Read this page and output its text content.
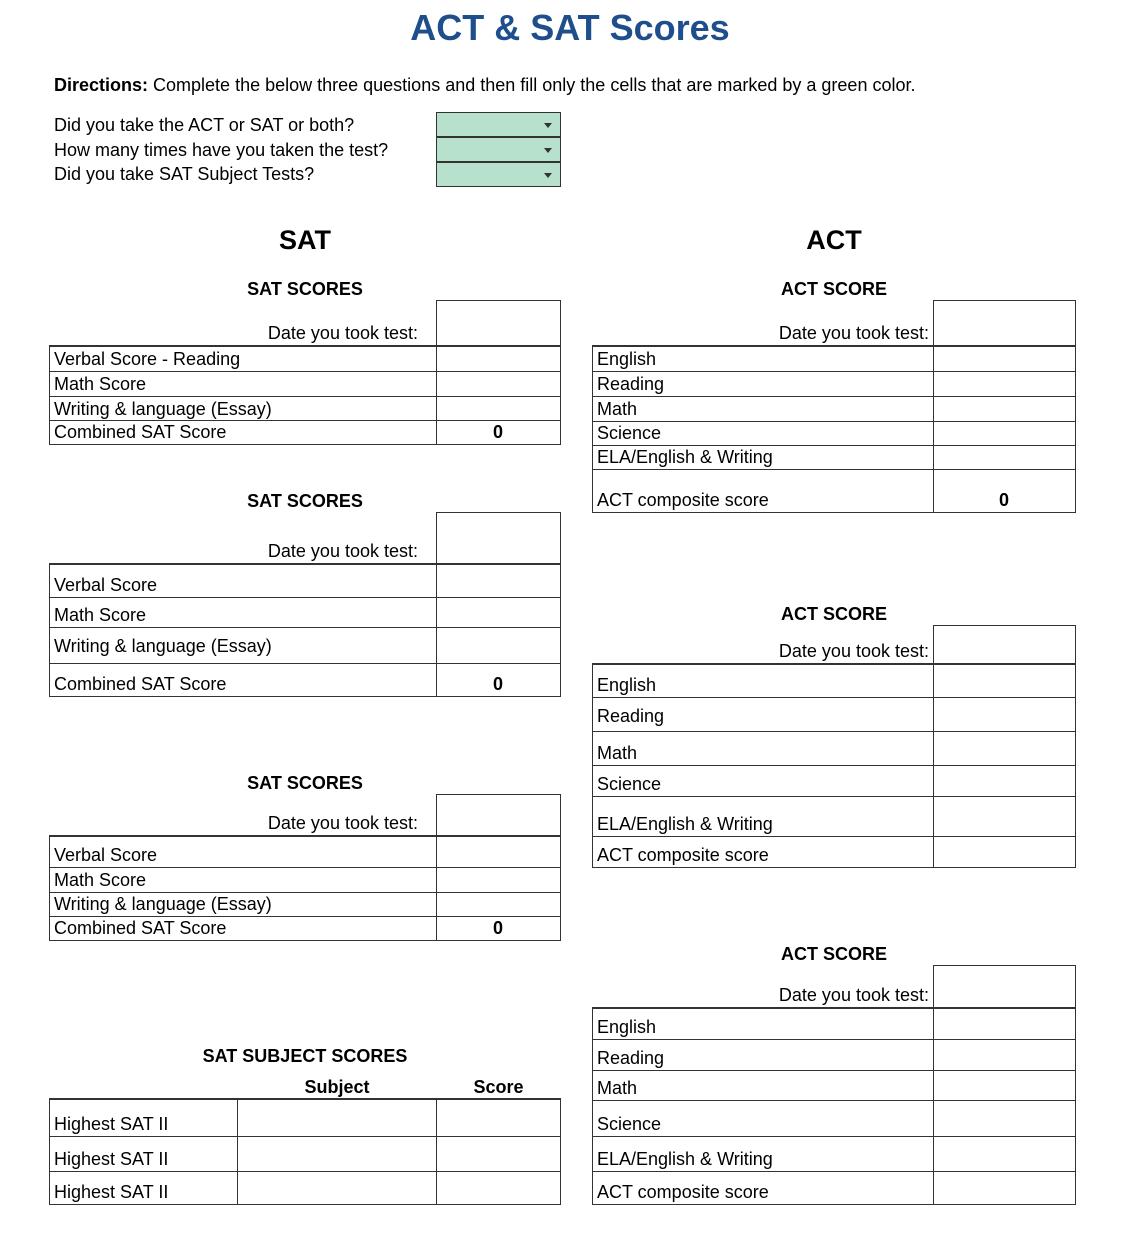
ACT & SAT Scores
Directions: Complete the below three questions and then fill only the cells that are marked by a green color.
Did you take the ACT or SAT or both?
How many times have you taken the test?
Did you take SAT Subject Tests?
SAT	ACT
SAT SCORES
Date you took test:
Verbal Score - Reading
Math Score
Writing & language (Essay)
Combined SAT Score	0
SAT SCORES
Date you took test:
Verbal Score
Math Score
Writing & language (Essay)
Combined SAT Score	0
SAT SCORES
Date you took test:
Verbal Score
Math Score
Writing & language (Essay)
Combined SAT Score	0
SAT SUBJECT SCORES
Subject	Score
Highest SAT II
Highest SAT II
Highest SAT II
ACT SCORE
Date you took test:
English
Reading
Math
Science
ELA/English & Writing
ACT composite score	0
ACT SCORE
Date you took test:
English
Reading
Math
Science
ELA/English & Writing
ACT composite score
ACT SCORE
Date you took test:
English
Reading
Math
Science
ELA/English & Writing
ACT composite score
